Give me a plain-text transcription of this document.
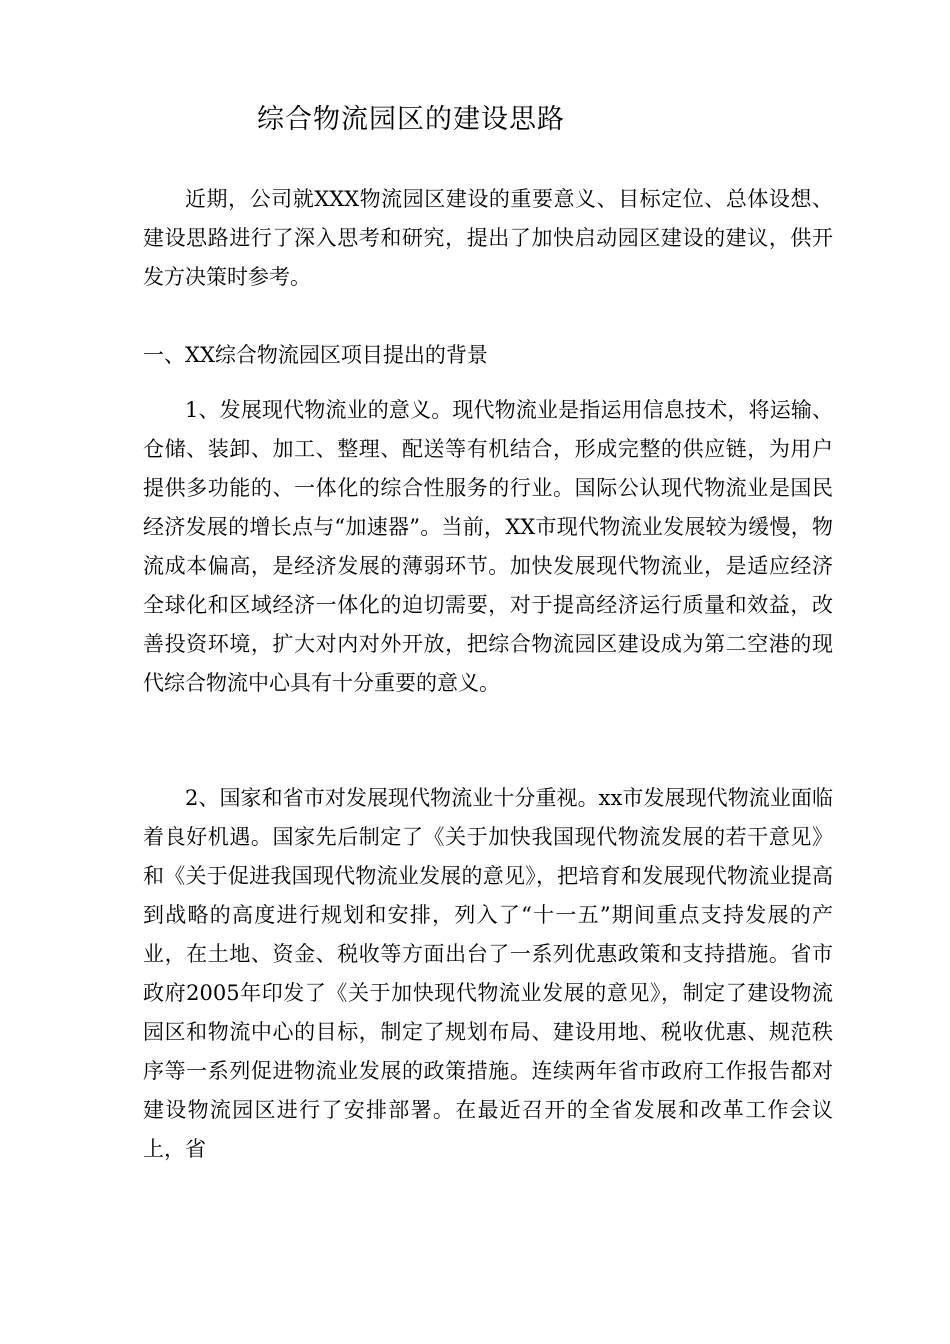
综合物流园区的建设思路
近期，公司就XXX物流园区建设的重要意义、目标定位、总体设想、建设思路进行了深入思考和研究，提出了加快启动园区建设的建议，供开发方决策时参考。
一、XX综合物流园区项目提出的背景
1、发展现代物流业的意义。现代物流业是指运用信息技术，将运输、仓储、装卸、加工、整理、配送等有机结合，形成完整的供应链，为用户提供多功能的、一体化的综合性服务的行业。国际公认现代物流业是国民经济发展的增长点与“加速器”。当前，XX市现代物流业发展较为缓慢，物流成本偏高，是经济发展的薄弱环节。加快发展现代物流业，是适应经济全球化和区域经济一体化的迫切需要，对于提高经济运行质量和效益，改善投资环境，扩大对内对外开放，把综合物流园区建设成为第二空港的现代综合物流中心具有十分重要的意义。
2、国家和省市对发展现代物流业十分重视。xx市发展现代物流业面临着良好机遇。国家先后制定了《关于加快我国现代物流发展的若干意见》和《关于促进我国现代物流业发展的意见》，把培育和发展现代物流业提高到战略的高度进行规划和安排，列入了“十一五”期间重点支持发展的产业，在土地、资金、税收等方面出台了一系列优惠政策和支持措施。省市政府2005年印发了《关于加快现代物流业发展的意见》，制定了建设物流园区和物流中心的目标，制定了规划布局、建设用地、税收优惠、规范秩序等一系列促进物流业发展的政策措施。连续两年省市政府工作报告都对建设物流园区进行了安排部署。在最近召开的全省发展和改革工作会议上，省
